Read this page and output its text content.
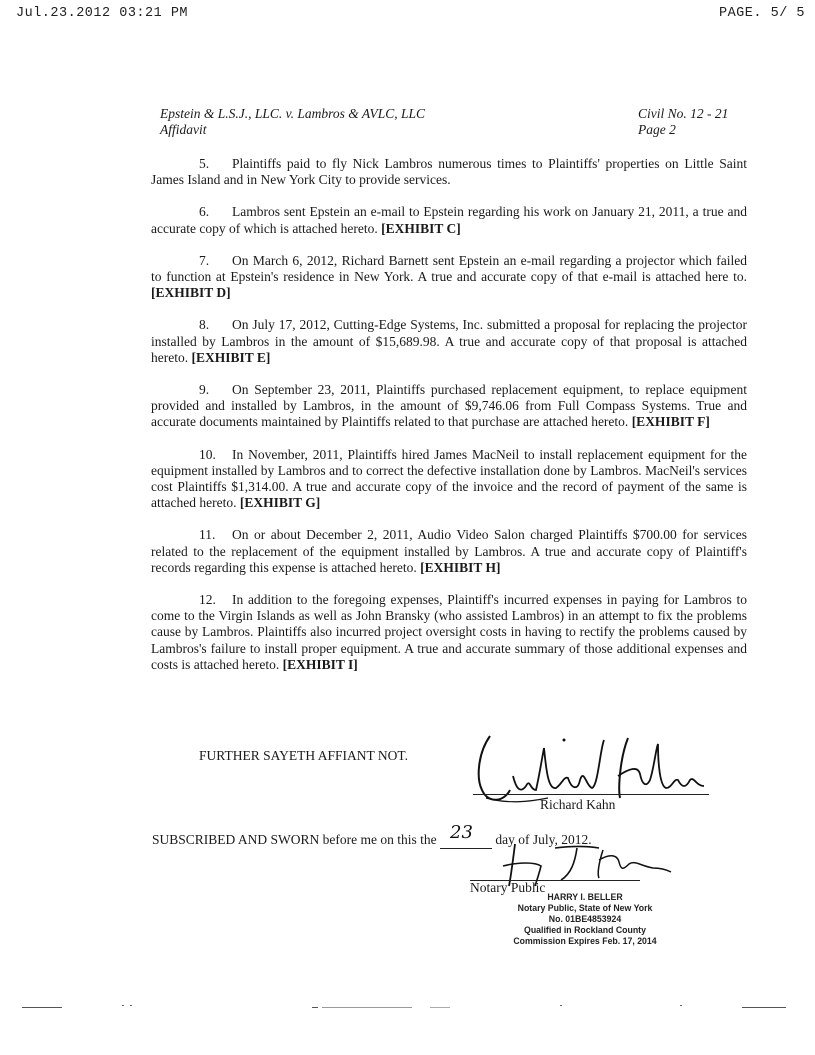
Jul.23.2012 03:21 PM	PAGE. 5/ 5
Epstein & L.S.J., LLC. v. Lambros & AVLC, LLC
Affidavit
Civil No. 12 - 21
Page 2

5. Plaintiffs paid to fly Nick Lambros numerous times to Plaintiffs' properties on Little Saint James Island and in New York City to provide services.

6. Lambros sent Epstein an e-mail to Epstein regarding his work on January 21, 2011, a true and accurate copy of which is attached hereto. [EXHIBIT C]

7. On March 6, 2012, Richard Barnett sent Epstein an e-mail regarding a projector which failed to function at Epstein's residence in New York. A true and accurate copy of that e-mail is attached here to. [EXHIBIT D]

8. On July 17, 2012, Cutting-Edge Systems, Inc. submitted a proposal for replacing the projector installed by Lambros in the amount of $15,689.98. A true and accurate copy of that proposal is attached hereto. [EXHIBIT E]

9. On September 23, 2011, Plaintiffs purchased replacement equipment, to replace equipment provided and installed by Lambros, in the amount of $9,746.06 from Full Compass Systems. True and accurate documents maintained by Plaintiffs related to that purchase are attached hereto. [EXHIBIT F]

10. In November, 2011, Plaintiffs hired James MacNeil to install replacement equipment for the equipment installed by Lambros and to correct the defective installation done by Lambros. MacNeil's services cost Plaintiffs $1,314.00. A true and accurate copy of the invoice and the record of payment of the same is attached hereto. [EXHIBIT G]

11. On or about December 2, 2011, Audio Video Salon charged Plaintiffs $700.00 for services related to the replacement of the equipment installed by Lambros. A true and accurate copy of Plaintiff's records regarding this expense is attached hereto. [EXHIBIT H]

12. In addition to the foregoing expenses, Plaintiff's incurred expenses in paying for Lambros to come to the Virgin Islands as well as John Bransky (who assisted Lambros) in an attempt to fix the problems cause by Lambros. Plaintiffs also incurred project oversight costs in having to rectify the problems caused by Lambros's failure to install proper equipment. A true and accurate summary of those additional expenses and costs is attached hereto. [EXHIBIT I]

FURTHER SAYETH AFFIANT NOT.
Richard Kahn
SUBSCRIBED AND SWORN before me on this the 23 day of July, 2012.
Notary Public
HARRY I. BELLER
Notary Public, State of New York
No. 01BE4853924
Qualified in Rockland County
Commission Expires Feb. 17, 2014
